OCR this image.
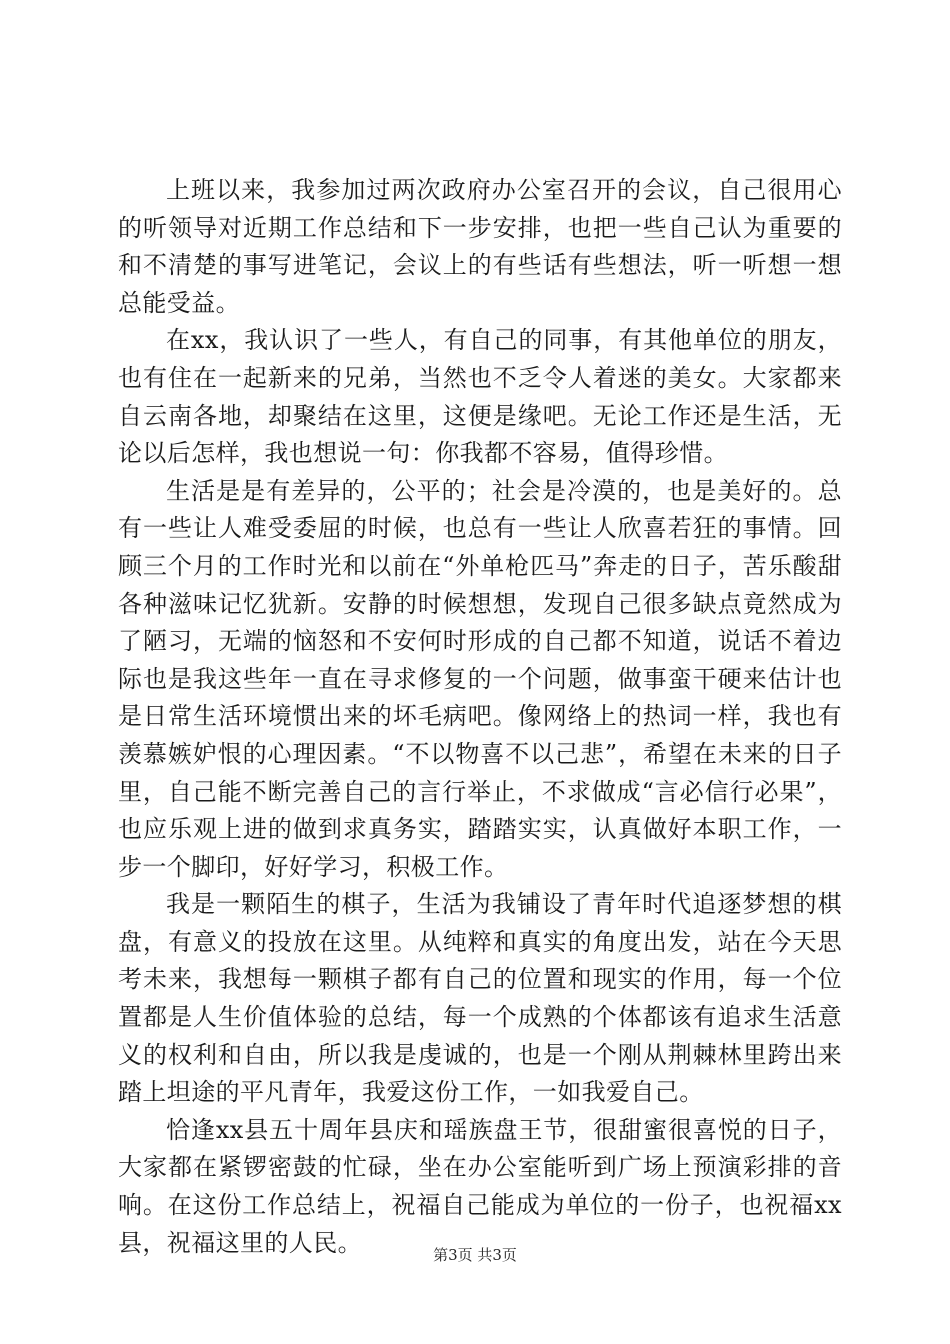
上班以来，我参加过两次政府办公室召开的会议，自己很用心的听领导对近期工作总结和下一步安排，也把一些自己认为重要的和不清楚的事写进笔记，会议上的有些话有些想法，听一听想一想总能受益。

在xx，我认识了一些人，有自己的同事，有其他单位的朋友，也有住在一起新来的兄弟，当然也不乏令人着迷的美女。大家都来自云南各地，却聚结在这里，这便是缘吧。无论工作还是生活，无论以后怎样，我也想说一句：你我都不容易，值得珍惜。

生活是是有差异的，公平的；社会是冷漠的，也是美好的。总有一些让人难受委屈的时候，也总有一些让人欣喜若狂的事情。回顾三个月的工作时光和以前在“外单枪匹马”奔走的日子，苦乐酸甜各种滋味记忆犹新。安静的时候想想，发现自己很多缺点竟然成为了陋习，无端的恼怒和不安何时形成的自己都不知道，说话不着边际也是我这些年一直在寻求修复的一个问题，做事蛮干硬来估计也是日常生活环境惯出来的坏毛病吧。像网络上的热词一样，我也有羡慕嫉妒恨的心理因素。“不以物喜不以己悲”，希望在未来的日子里，自己能不断完善自己的言行举止，不求做成“言必信行必果”，也应乐观上进的做到求真务实，踏踏实实，认真做好本职工作，一步一个脚印，好好学习，积极工作。

我是一颗陌生的棋子，生活为我铺设了青年时代追逐梦想的棋盘，有意义的投放在这里。从纯粹和真实的角度出发，站在今天思考未来，我想每一颗棋子都有自己的位置和现实的作用，每一个位置都是人生价值体验的总结，每一个成熟的个体都该有追求生活意义的权利和自由，所以我是虔诚的，也是一个刚从荆棘林里跨出来踏上坦途的平凡青年，我爱这份工作，一如我爱自己。

恰逢xx县五十周年县庆和瑶族盘王节，很甜蜜很喜悦的日子，大家都在紧锣密鼓的忙碌，坐在办公室能听到广场上预演彩排的音响。在这份工作总结上，祝福自己能成为单位的一份子，也祝福xx县，祝福这里的人民。	第3页 共3页
